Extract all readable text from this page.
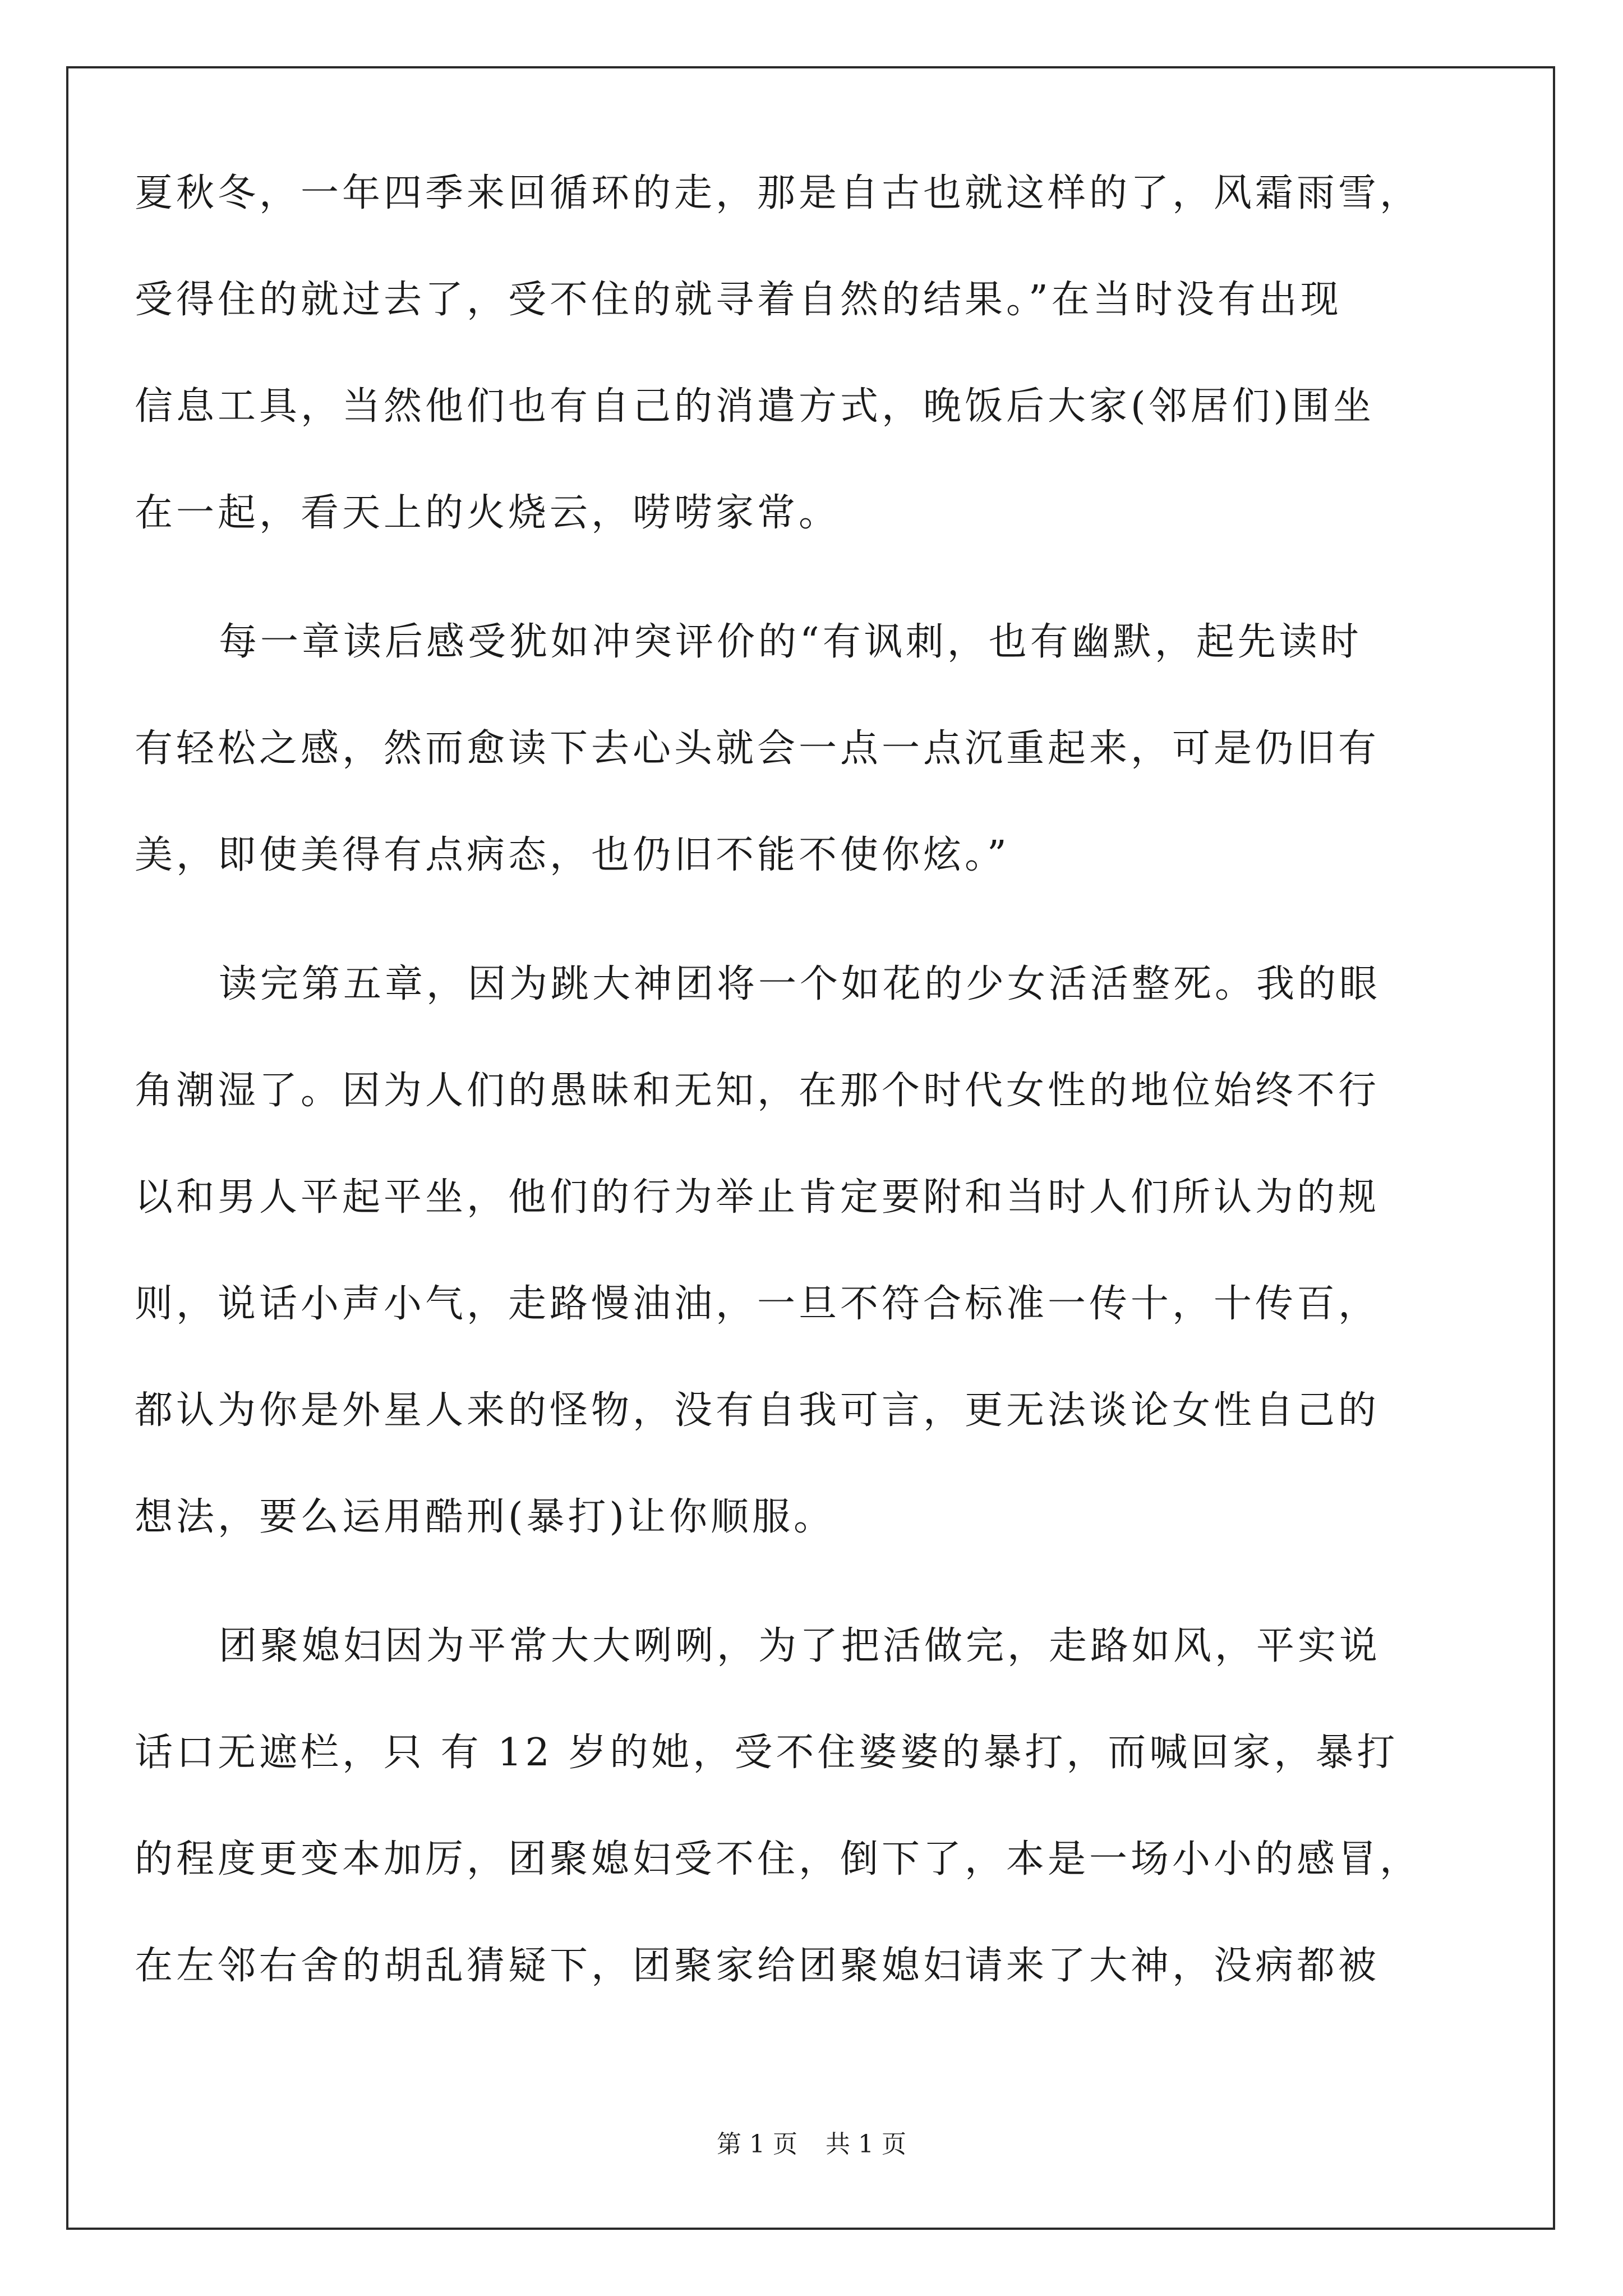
夏秋冬，一年四季来回循环的走，那是自古也就这样的了，风霜雨雪，
受得住的就过去了，受不住的就寻着自然的结果。”在当时没有出现
信息工具，当然他们也有自己的消遣方式，晚饭后大家(邻居们)围坐
在一起，看天上的火烧云，唠唠家常。
每一章读后感受犹如冲突评价的“有讽刺，也有幽默，起先读时
有轻松之感，然而愈读下去心头就会一点一点沉重起来，可是仍旧有
美，即使美得有点病态，也仍旧不能不使你炫。”
读完第五章，因为跳大神团将一个如花的少女活活整死。我的眼
角潮湿了。因为人们的愚昧和无知，在那个时代女性的地位始终不行
以和男人平起平坐，他们的行为举止肯定要附和当时人们所认为的规
则，说话小声小气，走路慢油油，一旦不符合标准一传十，十传百，
都认为你是外星人来的怪物，没有自我可言，更无法谈论女性自己的
想法，要么运用酷刑(暴打)让你顺服。
团聚媳妇因为平常大大咧咧，为了把活做完，走路如风，平实说
话口无遮栏，只 有 12 岁的她，受不住婆婆的暴打，而喊回家，暴打
的程度更变本加厉，团聚媳妇受不住，倒下了，本是一场小小的感冒，
在左邻右舍的胡乱猜疑下，团聚家给团聚媳妇请来了大神，没病都被
第 1 页 共 1 页
